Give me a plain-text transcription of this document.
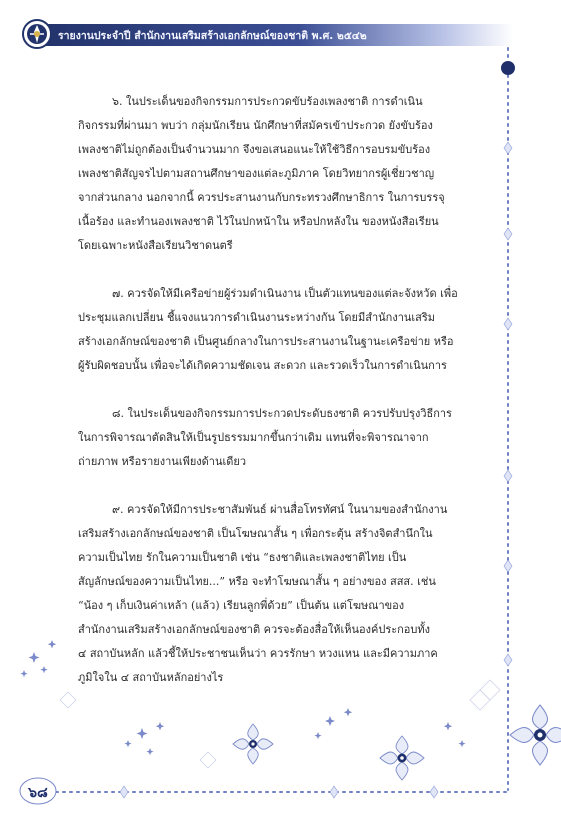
รายงานประจำปี สำนักงานเสริมสร้างเอกลักษณ์ของชาติ พ.ศ. ๒๕๔๒
๖. ในประเด็นของกิจกรรมการประกวดขับร้องเพลงชาติ การดำเนิน
กิจกรรมที่ผ่านมา พบว่า กลุ่มนักเรียน นักศึกษาที่สมัครเข้าประกวด ยังขับร้อง
เพลงชาติไม่ถูกต้องเป็นจำนวนมาก จึงขอเสนอแนะให้ใช้วิธีการอบรมขับร้อง
เพลงชาติสัญจรไปตามสถานศึกษาของแต่ละภูมิภาค โดยวิทยากรผู้เชี่ยวชาญ
จากส่วนกลาง นอกจากนี้ ควรประสานงานกับกระทรวงศึกษาธิการ ในการบรรจุ
เนื้อร้อง และทำนองเพลงชาติ ไว้ในปกหน้าใน หรือปกหลังใน ของหนังสือเรียน
โดยเฉพาะหนังสือเรียนวิชาดนตรี
๗. ควรจัดให้มีเครือข่ายผู้ร่วมดำเนินงาน เป็นตัวแทนของแต่ละจังหวัด เพื่อ
ประชุมแลกเปลี่ยน ชี้แจงแนวการดำเนินงานระหว่างกัน โดยมีสำนักงานเสริม
สร้างเอกลักษณ์ของชาติ เป็นศูนย์กลางในการประสานงานในฐานะเครือข่าย หรือ
ผู้รับผิดชอบนั้น เพื่อจะได้เกิดความชัดเจน สะดวก และรวดเร็วในการดำเนินการ
๘. ในประเด็นของกิจกรรมการประกวดประดับธงชาติ ควรปรับปรุงวิธีการ
ในการพิจารณาตัดสินให้เป็นรูปธรรมมากขึ้นกว่าเดิม แทนที่จะพิจารณาจาก
ถ่ายภาพ หรือรายงานเพียงด้านเดียว
๙. ควรจัดให้มีการประชาสัมพันธ์ ผ่านสื่อโทรทัศน์ ในนามของสำนักงาน
เสริมสร้างเอกลักษณ์ของชาติ เป็นโฆษณาสั้น ๆ เพื่อกระตุ้น สร้างจิตสำนึกใน
ความเป็นไทย รักในความเป็นชาติ เช่น “ธงชาติและเพลงชาติไทย เป็น
สัญลักษณ์ของความเป็นไทย...” หรือ จะทำโฆษณาสั้น ๆ อย่างของ สสส. เช่น
“น้อง ๆ เก็บเงินค่าเหล้า (แล้ว) เรียนลูกพี่ด้วย” เป็นต้น แต่โฆษณาของ
สำนักงานเสริมสร้างเอกลักษณ์ของชาติ ควรจะต้องสื่อให้เห็นองค์ประกอบทั้ง
๔ สถาบันหลัก แล้วชี้ให้ประชาชนเห็นว่า ควรรักษา หวงแหน และมีความภาค
ภูมิใจใน ๔ สถาบันหลักอย่างไร
๖๘
